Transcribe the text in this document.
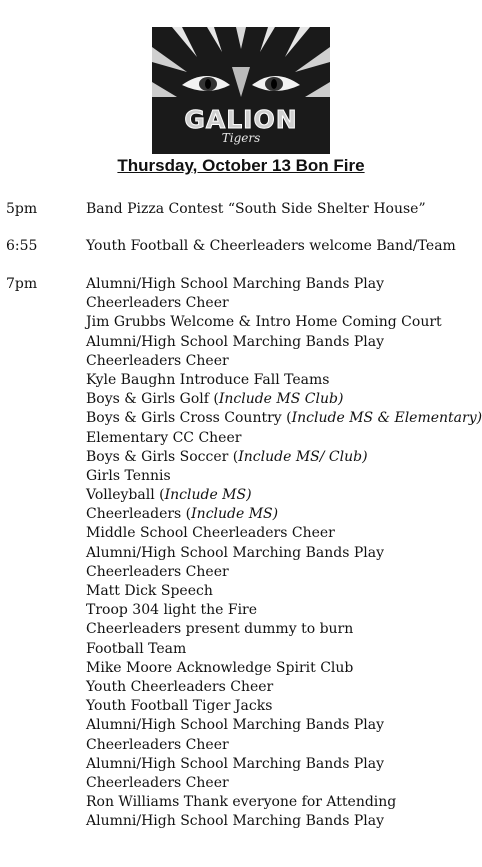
GALION
Tigers
Thursday, October 13 Bon Fire
5pm	Band Pizza Contest “South Side Shelter House”
6:55	Youth Football & Cheerleaders welcome Band/Team
7pm	Alumni/High School Marching Bands Play
Cheerleaders Cheer
Jim Grubbs Welcome & Intro Home Coming Court
Alumni/High School Marching Bands Play
Cheerleaders Cheer
Kyle Baughn Introduce Fall Teams
Boys & Girls Golf (Include MS Club)
Boys & Girls Cross Country (Include MS & Elementary)
Elementary CC Cheer
Boys & Girls Soccer (Include MS/ Club)
Girls Tennis
Volleyball (Include MS)
Cheerleaders (Include MS)
Middle School Cheerleaders Cheer
Alumni/High School Marching Bands Play
Cheerleaders Cheer
Matt Dick Speech
Troop 304 light the Fire
Cheerleaders present dummy to burn
Football Team
Mike Moore Acknowledge Spirit Club
Youth Cheerleaders Cheer
Youth Football Tiger Jacks
Alumni/High School Marching Bands Play
Cheerleaders Cheer
Alumni/High School Marching Bands Play
Cheerleaders Cheer
Ron Williams Thank everyone for Attending
Alumni/High School Marching Bands Play
